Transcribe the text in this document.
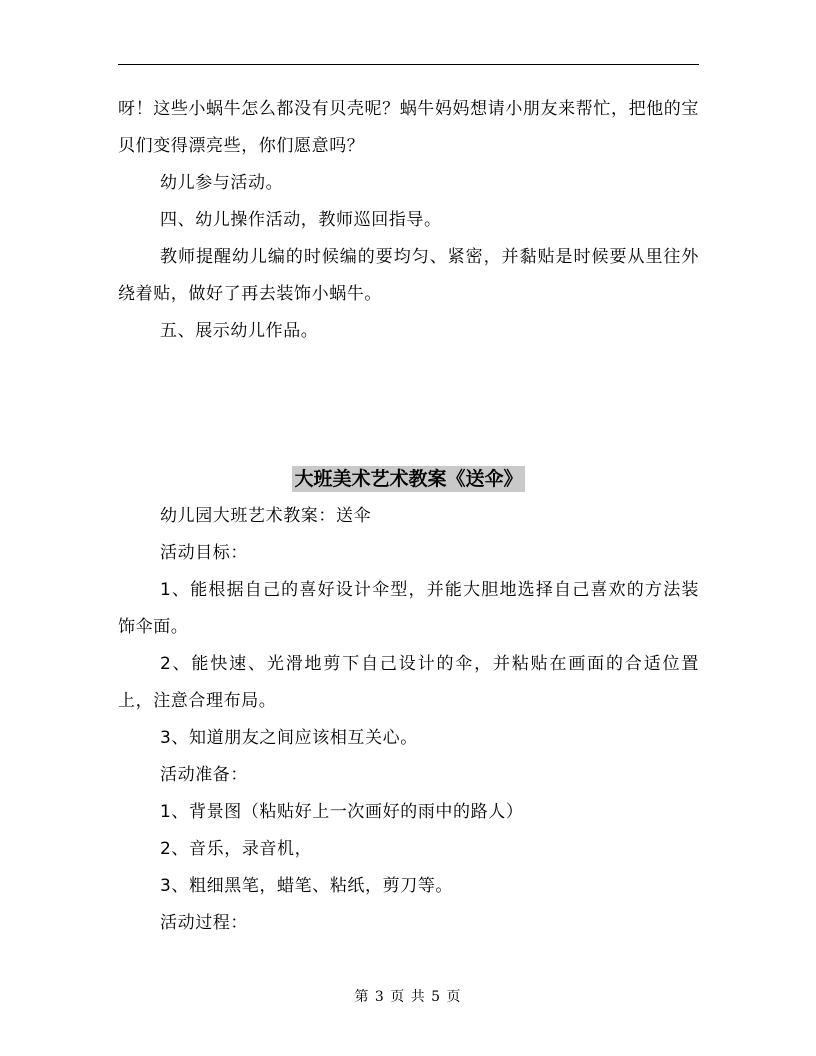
呀！这些小蜗牛怎么都没有贝壳呢？蜗牛妈妈想请小朋友来帮忙，把他的宝贝们变得漂亮些，你们愿意吗？

幼儿参与活动。

四、幼儿操作活动，教师巡回指导。

教师提醒幼儿编的时候编的要均匀、紧密，并黏贴是时候要从里往外绕着贴，做好了再去装饰小蜗牛。

五、展示幼儿作品。

大班美术艺术教案《送伞》

幼儿园大班艺术教案：送伞

活动目标：

1、能根据自己的喜好设计伞型，并能大胆地选择自己喜欢的方法装饰伞面。

2、能快速、光滑地剪下自己设计的伞，并粘贴在画面的合适位置上，注意合理布局。

3、知道朋友之间应该相互关心。

活动准备：

1、背景图（粘贴好上一次画好的雨中的路人）

2、音乐，录音机，

3、粗细黑笔，蜡笔、粘纸，剪刀等。

活动过程：

第 3 页 共 5 页
